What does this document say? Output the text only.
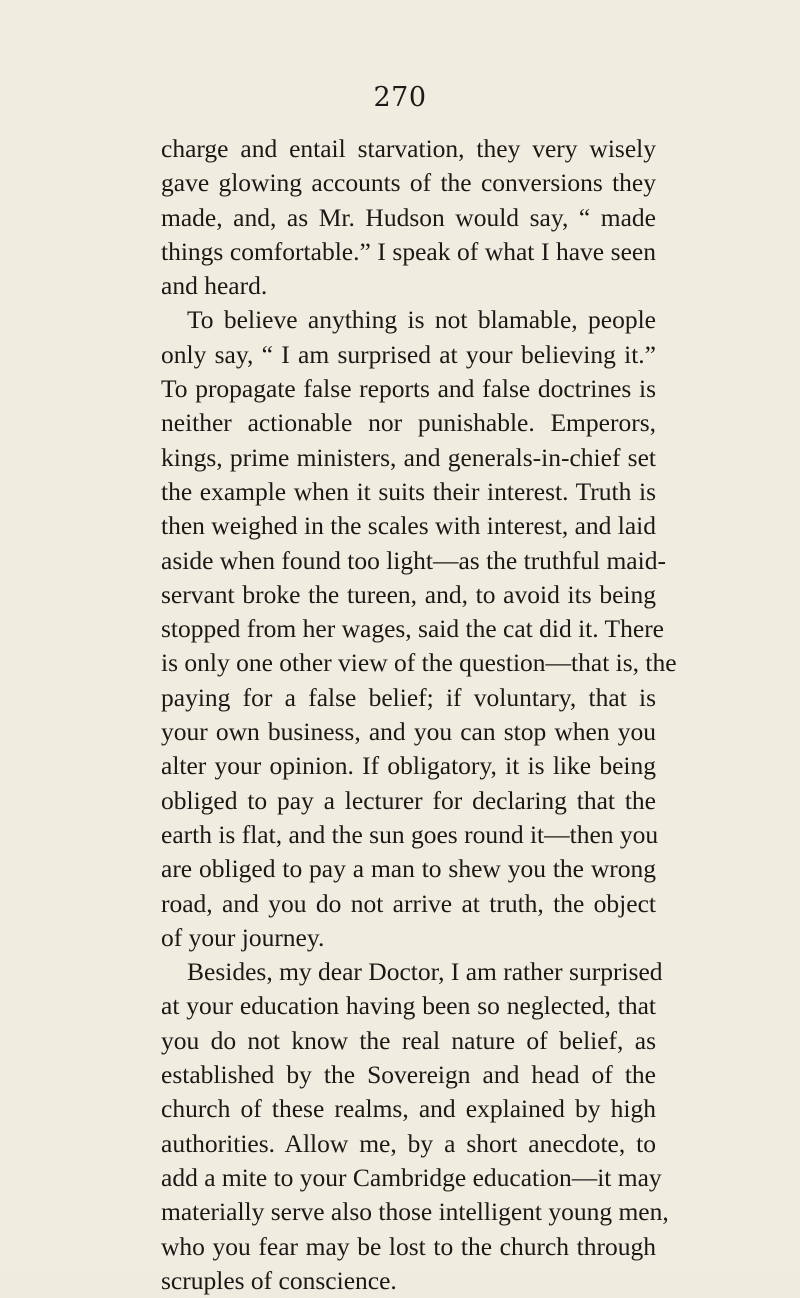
270
charge and entail starvation, they very wisely
gave glowing accounts of the conversions they
made, and, as Mr. Hudson would say, “ made
things comfortable.” I speak of what I have seen
and heard.
To believe anything is not blamable, people
only say, “ I am surprised at your believing it.”
To propagate false reports and false doctrines is
neither actionable nor punishable. Emperors,
kings, prime ministers, and generals-in-chief set
the example when it suits their interest. Truth is
then weighed in the scales with interest, and laid
aside when found too light—as the truthful maid-
servant broke the tureen, and, to avoid its being
stopped from her wages, said the cat did it. There
is only one other view of the question—that is, the
paying for a false belief; if voluntary, that is
your own business, and you can stop when you
alter your opinion. If obligatory, it is like being
obliged to pay a lecturer for declaring that the
earth is flat, and the sun goes round it—then you
are obliged to pay a man to shew you the wrong
road, and you do not arrive at truth, the object
of your journey.
Besides, my dear Doctor, I am rather surprised
at your education having been so neglected, that
you do not know the real nature of belief, as
established by the Sovereign and head of the
church of these realms, and explained by high
authorities. Allow me, by a short anecdote, to
add a mite to your Cambridge education—it may
materially serve also those intelligent young men,
who you fear may be lost to the church through
scruples of conscience.
